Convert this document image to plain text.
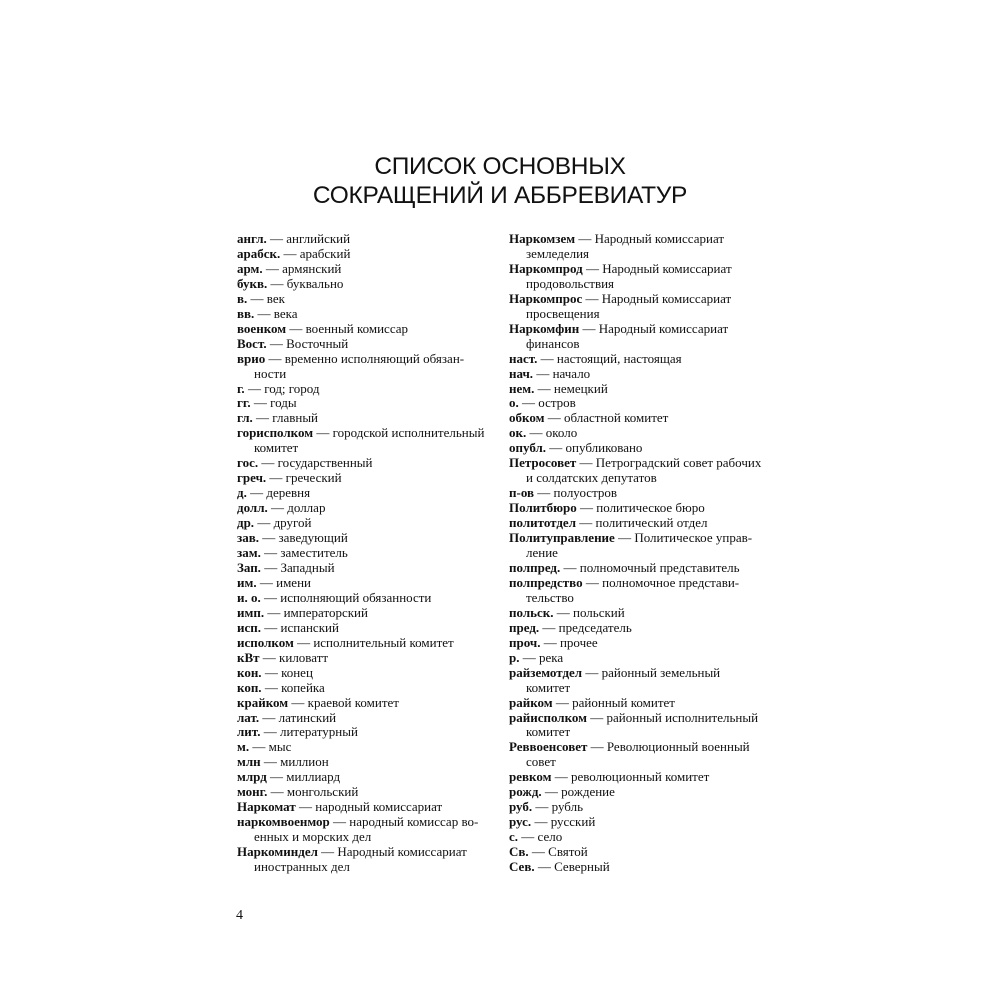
СПИСОК ОСНОВНЫХ
СОКРАЩЕНИЙ И АББРЕВИАТУР
англ. — английский
арабск. — арабский
арм. — армянский
букв. — буквально
в. — век
вв. — века
военком — военный комиссар
Вост. — Восточный
врио — временно исполняющий обязан-
ности
г. — год; город
гг. — годы
гл. — главный
горисполком — городской исполнительный
комитет
гос. — государственный
греч. — греческий
д. — деревня
долл. — доллар
др. — другой
зав. — заведующий
зам. — заместитель
Зап. — Западный
им. — имени
и. о. — исполняющий обязанности
имп. — императорский
исп. — испанский
исполком — исполнительный комитет
кВт — киловатт
кон. — конец
коп. — копейка
крайком — краевой комитет
лат. — латинский
лит. — литературный
м. — мыс
млн — миллион
млрд — миллиард
монг. — монгольский
Наркомат — народный комиссариат
наркомвоенмор — народный комиссар во-
енных и морских дел
Наркоминдел — Народный комиссариат
иностранных дел
Наркомзем — Народный комиссариат
земледелия
Наркомпрод — Народный комиссариат
продовольствия
Наркомпрос — Народный комиссариат
просвещения
Наркомфин — Народный комиссариат
финансов
наст. — настоящий, настоящая
нач. — начало
нем. — немецкий
о. — остров
обком — областной комитет
ок. — около
опубл. — опубликовано
Петросовет — Петроградский совет рабочих
и солдатских депутатов
п-ов — полуостров
Политбюро — политическое бюро
политотдел — политический отдел
Политуправление — Политическое управ-
ление
полпред. — полномочный представитель
полпредство — полномочное представи-
тельство
польск. — польский
пред. — председатель
проч. — прочее
р. — река
райземотдел — районный земельный
комитет
райком — районный комитет
райисполком — районный исполнительный
комитет
Реввоенсовет — Революционный военный
совет
ревком — революционный комитет
рожд. — рождение
руб. — рубль
рус. — русский
с. — село
Св. — Святой
Сев. — Северный
4
